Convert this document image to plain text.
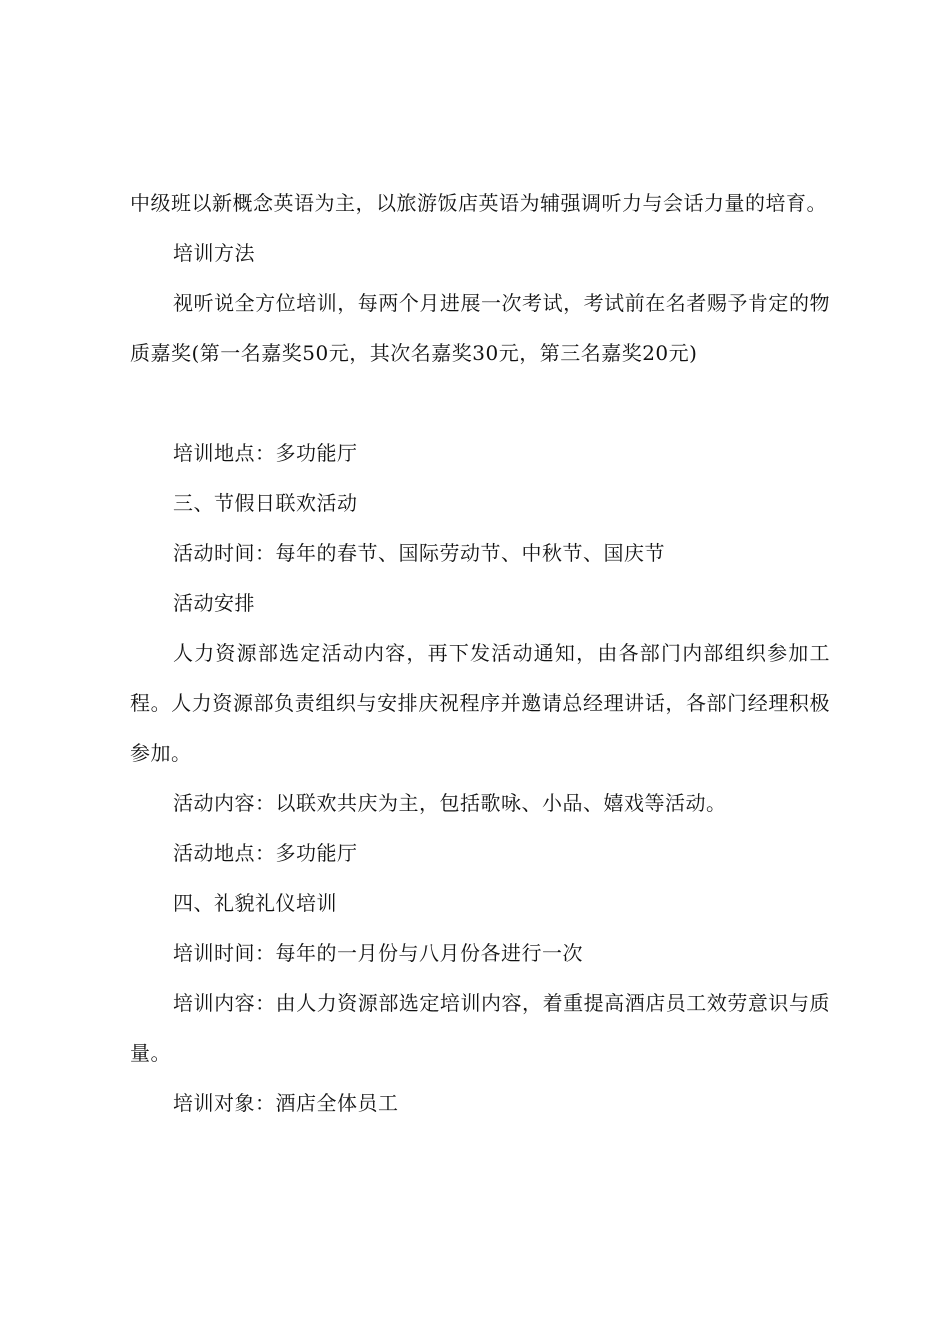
中级班以新概念英语为主，以旅游饭店英语为辅强调听力与会话力量的培育。

培训方法

视听说全方位培训，每两个月进展一次考试，考试前在名者赐予肯定的物质嘉奖(第一名嘉奖50元，其次名嘉奖30元，第三名嘉奖20元)

培训地点：多功能厅

三、节假日联欢活动

活动时间：每年的春节、国际劳动节、中秋节、国庆节

活动安排

人力资源部选定活动内容，再下发活动通知，由各部门内部组织参加工程。人力资源部负责组织与安排庆祝程序并邀请总经理讲话，各部门经理积极参加。

活动内容：以联欢共庆为主，包括歌咏、小品、嬉戏等活动。

活动地点：多功能厅

四、礼貌礼仪培训

培训时间：每年的一月份与八月份各进行一次

培训内容：由人力资源部选定培训内容，着重提高酒店员工效劳意识与质量。

培训对象：酒店全体员工
